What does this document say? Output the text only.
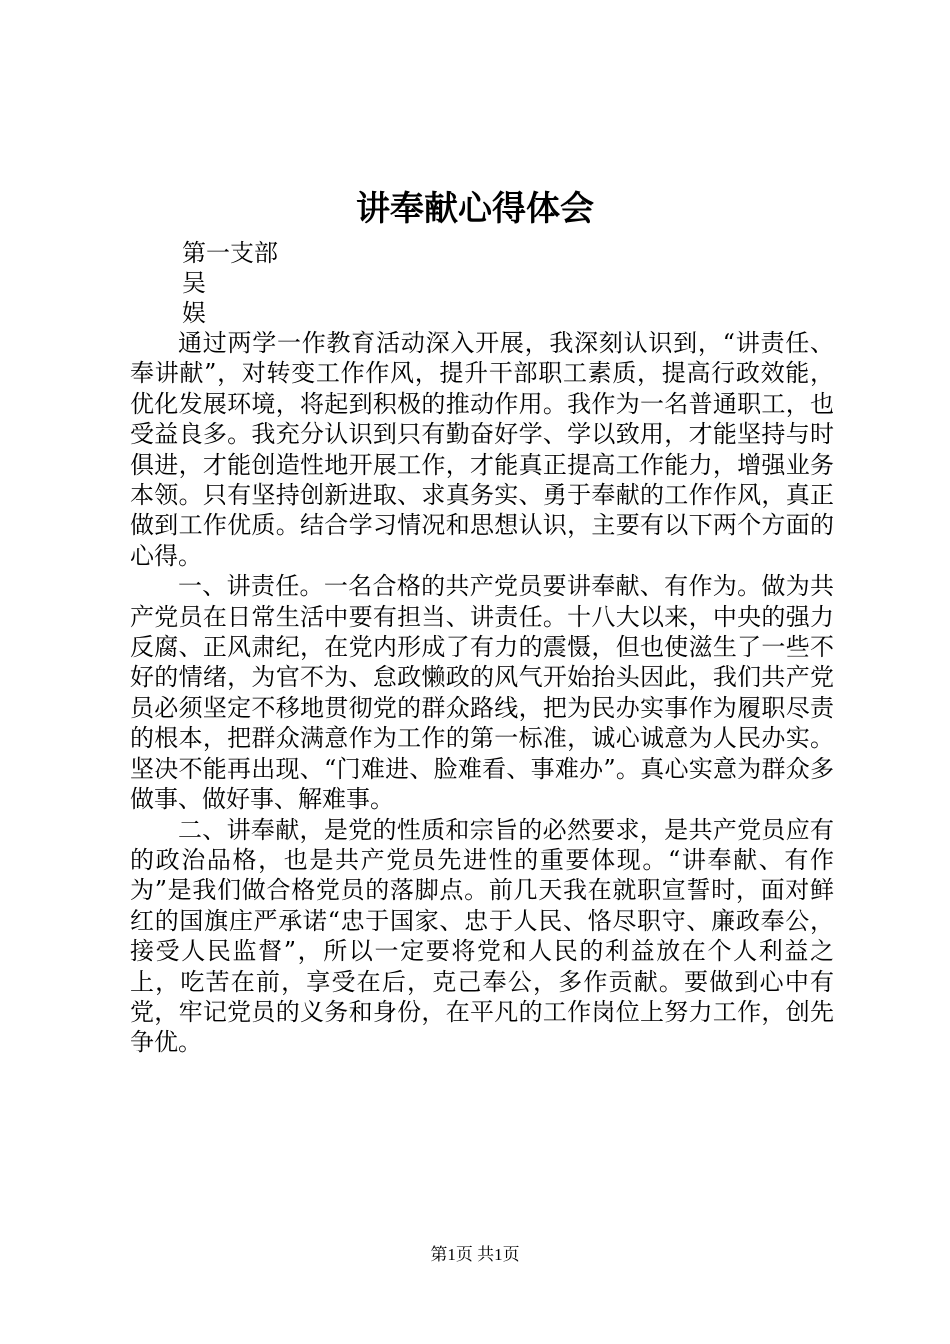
讲奉献心得体会
第一支部
吴
娱

通过两学一作教育活动深入开展，我深刻认识到，“讲责任、奉讲献”，对转变工作作风，提升干部职工素质，提高行政效能，优化发展环境，将起到积极的推动作用。我作为一名普通职工，也受益良多。我充分认识到只有勤奋好学、学以致用，才能坚持与时俱进，才能创造性地开展工作，才能真正提高工作能力，增强业务本领。只有坚持创新进取、求真务实、勇于奉献的工作作风，真正做到工作优质。结合学习情况和思想认识，主要有以下两个方面的心得。

一、讲责任。一名合格的共产党员要讲奉献、有作为。做为共产党员在日常生活中要有担当、讲责任。十八大以来，中央的强力反腐、正风肃纪，在党内形成了有力的震慑，但也使滋生了一些不好的情绪，为官不为、怠政懒政的风气开始抬头因此，我们共产党员必须坚定不移地贯彻党的群众路线，把为民办实事作为履职尽责的根本，把群众满意作为工作的第一标准，诚心诚意为人民办实。坚决不能再出现、“门难进、脸难看、事难办”。真心实意为群众多做事、做好事、解难事。

二、讲奉献，是党的性质和宗旨的必然要求，是共产党员应有的政治品格，也是共产党员先进性的重要体现。“讲奉献、有作为”是我们做合格党员的落脚点。前几天我在就职宣誓时，面对鲜红的国旗庄严承诺“忠于国家、忠于人民、恪尽职守、廉政奉公，接受人民监督”，所以一定要将党和人民的利益放在个人利益之上，吃苦在前，享受在后，克己奉公，多作贡献。要做到心中有党，牢记党员的义务和身份，在平凡的工作岗位上努力工作，创先争优。

第1页 共1页
